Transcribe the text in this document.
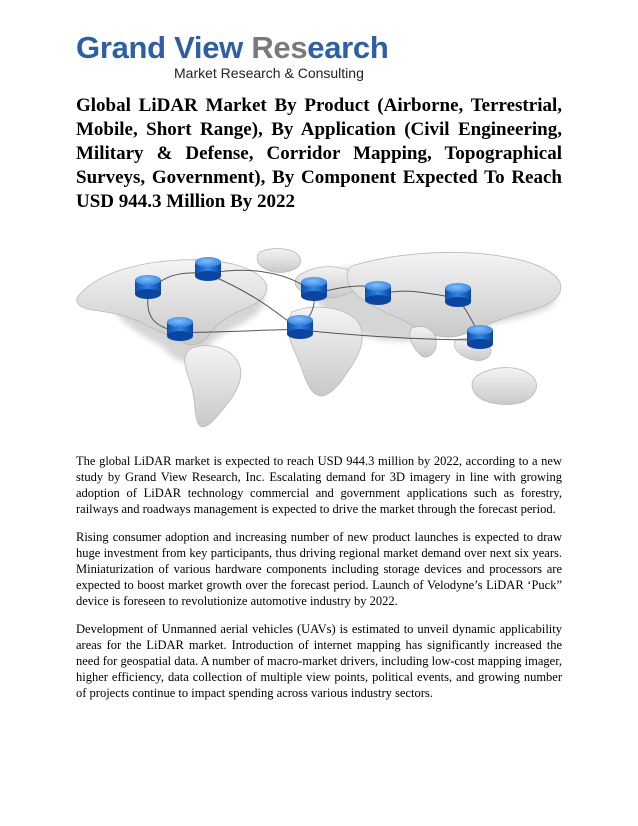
Grand View Research
Market Research & Consulting
Global LiDAR Market By Product (Airborne, Terrestrial, Mobile, Short Range), By Application (Civil Engineering, Military & Defense, Corridor Mapping, Topographical Surveys, Government), By Component Expected To Reach USD 944.3 Million By 2022

The global LiDAR market is expected to reach USD 944.3 million by 2022, according to a new study by Grand View Research, Inc. Escalating demand for 3D imagery in line with growing adoption of LiDAR technology commercial and government applications such as forestry, railways and roadways management is expected to drive the market through the forecast period.

Rising consumer adoption and increasing number of new product launches is expected to draw huge investment from key participants, thus driving regional market demand over next six years. Miniaturization of various hardware components including storage devices and processors are expected to boost market growth over the forecast period. Launch of Velodyne’s LiDAR ‘Puck” device is foreseen to revolutionize automotive industry by 2022.

Development of Unmanned aerial vehicles (UAVs) is estimated to unveil dynamic applicability areas for the LiDAR market. Introduction of internet mapping has significantly increased the need for geospatial data. A number of macro-market drivers, including low-cost mapping imager, higher efficiency, data collection of multiple view points, political events, and growing number of projects continue to impact spending across various industry sectors.
